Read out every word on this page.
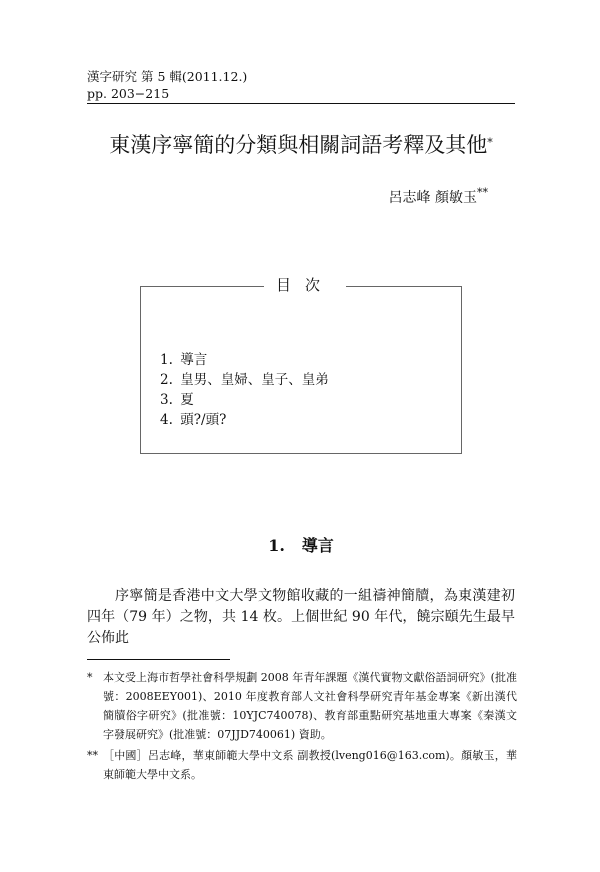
漢字研究 第 5 輯(2011.12.)
pp. 203−215
東漢序寧簡的分類與相關詞語考釋及其他*
呂志峰 顏敏玉**
目次
1. 導言
2. 皇男、皇婦、皇子、皇弟
3. 夏
4. 頭?/頭?
1. 導言

序寧簡是香港中文大學文物館收藏的一組禱神簡牘，為東漢建初四年（79 年）之物，共 14 枚。上個世紀 90 年代，饒宗頤先生最早公佈此

* 本文受上海市哲學社會科學規劃 2008 年青年課題《漢代實物文獻俗語詞研究》(批准號：2008EEY001)、2010 年度教育部人文社會科學研究青年基金專案《新出漢代簡牘俗字研究》(批准號：10YJC740078)、教育部重點研究基地重大專案《秦漢文字發展研究》(批准號：07JJD740061) 資助。
** ［中國］呂志峰，華東師範大學中文系 副教授(lveng016@163.com)。顏敏玉，華東師範大學中文系。
